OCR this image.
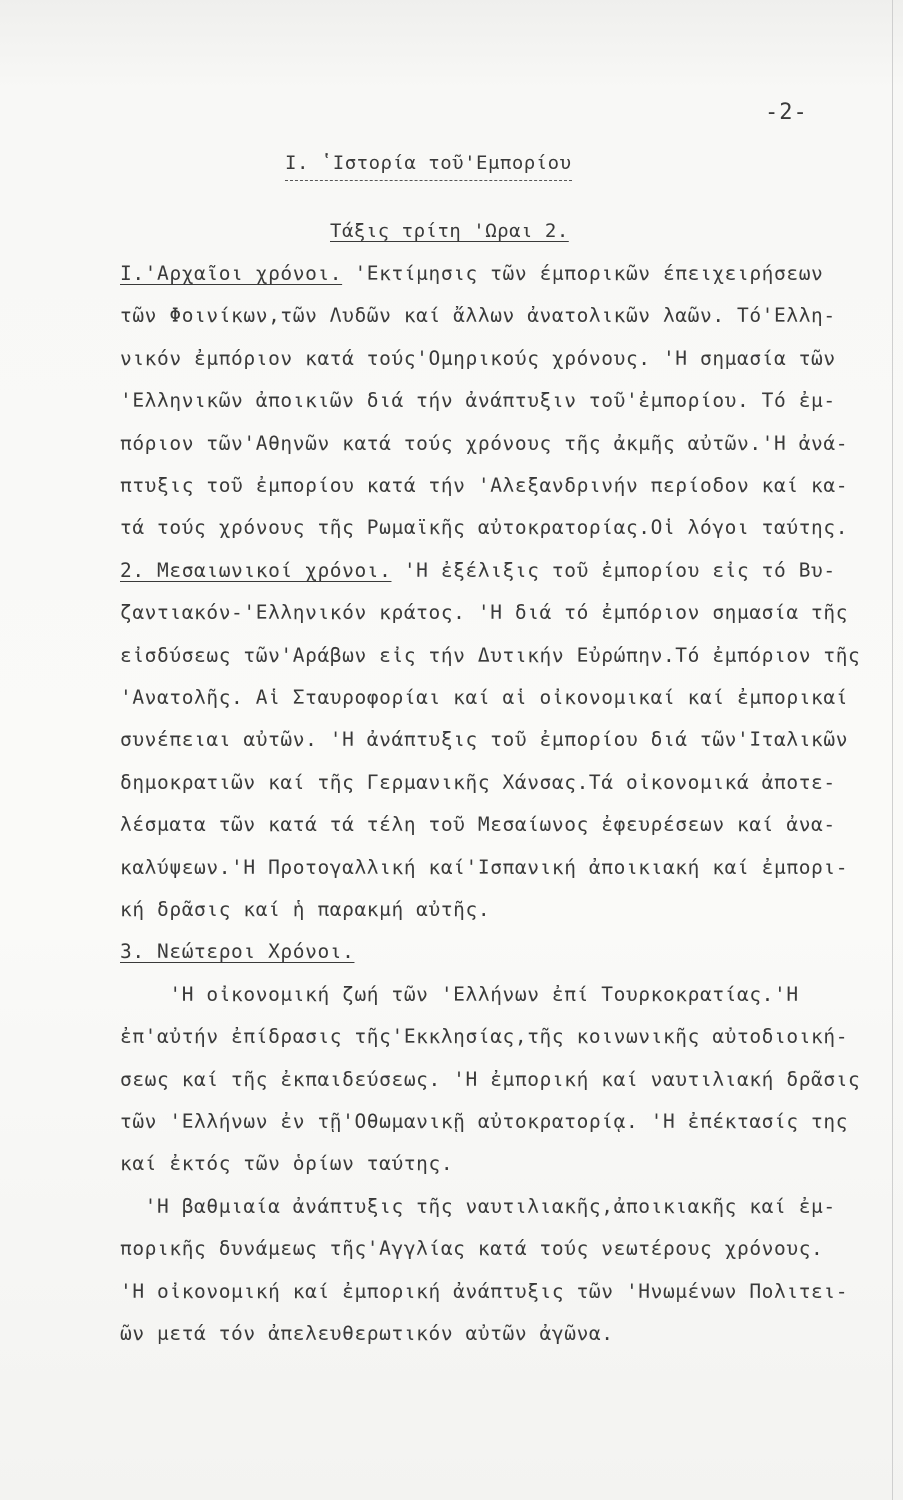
-2-
I. ʽΙστορία τοῦ'Εμπορίου
Τάξις τρίτη 'Ωραι 2.
I.'Αρχαῖοι χρόνοι. 'Εκτίμησις τῶν έμπορικῶν έπειχειρήσεων
τῶν Φοινίκων,τῶν Λυδῶν καί ἄλλων ἀνατολικῶν λαῶν. Τό'Ελλη-
νικόν ἐμπόριον κατά τούς'Ομηρικούς χρόνους. 'Η σημασία τῶν
'Ελληνικῶν ἀποικιῶν διά τήν ἀνάπτυξιν τοῦ'ἐμπορίου. Τό ἐμ-
πόριον τῶν'Αθηνῶν κατά τούς χρόνους τῆς ἀκμῆς αὐτῶν.'Η ἀνά-
πτυξις τοῦ ἐμπορίου κατά τήν 'Αλεξανδρινήν περίοδον καί κα-
τά τούς χρόνους τῆς Ρωμαϊκῆς αὐτοκρατορίας.Οἱ λόγοι ταύτης.
2. Μεσαιωνικοί χρόνοι. 'Η ἐξέλιξις τοῦ ἐμπορίου εἰς τό Βυ-
ζαντιακόν-'Ελληνικόν κράτος. 'Η διά τό ἐμπόριον σημασία τῆς
εἰσδύσεως τῶν'Αράβων εἰς τήν Δυτικήν Εὐρώπην.Τό ἐμπόριον τῆς
'Ανατολῆς. Αἱ Σταυροφορίαι καί αἱ οἰκονομικαί καί ἐμπορικαί
συνέπειαι αὐτῶν. 'Η ἀνάπτυξις τοῦ ἐμπορίου διά τῶν'Ιταλικῶν
δημοκρατιῶν καί τῆς Γερμανικῆς Χάνσας.Τά οἰκονομικά ἀποτε-
λέσματα τῶν κατά τά τέλη τοῦ Μεσαίωνος ἐφευρέσεων καί ἀνα-
καλύψεων.'Η Προτογαλλική καί'Ισπανική ἀποικιακή καί ἐμπορι-
κή δρᾶσις καί ἡ παρακμή αὐτῆς.
3. Νεώτεροι Χρόνοι.
'Η οἰκονομική ζωή τῶν 'Ελλήνων ἐπί Τουρκοκρατίας.'Η
ἐπ'αὐτήν ἐπίδρασις τῆς'Εκκλησίας,τῆς κοινωνικῆς αὐτοδιοική-
σεως καί τῆς ἐκπαιδεύσεως. 'Η ἐμπορική καί ναυτιλιακή δρᾶσις
τῶν 'Ελλήνων ἐν τῇ'Οθωμανικῇ αὐτοκρατορίᾳ. 'Η ἐπέκτασίς της
καί ἐκτός τῶν ὁρίων ταύτης.
'Η βαθμιαία ἀνάπτυξις τῆς ναυτιλιακῆς,ἀποικιακῆς καί ἐμ-
πορικῆς δυνάμεως τῆς'Αγγλίας κατά τούς νεωτέρους χρόνους.
'Η οἰκονομική καί ἐμπορική ἀνάπτυξις τῶν 'Ηνωμένων Πολιτει-
ῶν μετά τόν ἀπελευθερωτικόν αὐτῶν ἀγῶνα.
